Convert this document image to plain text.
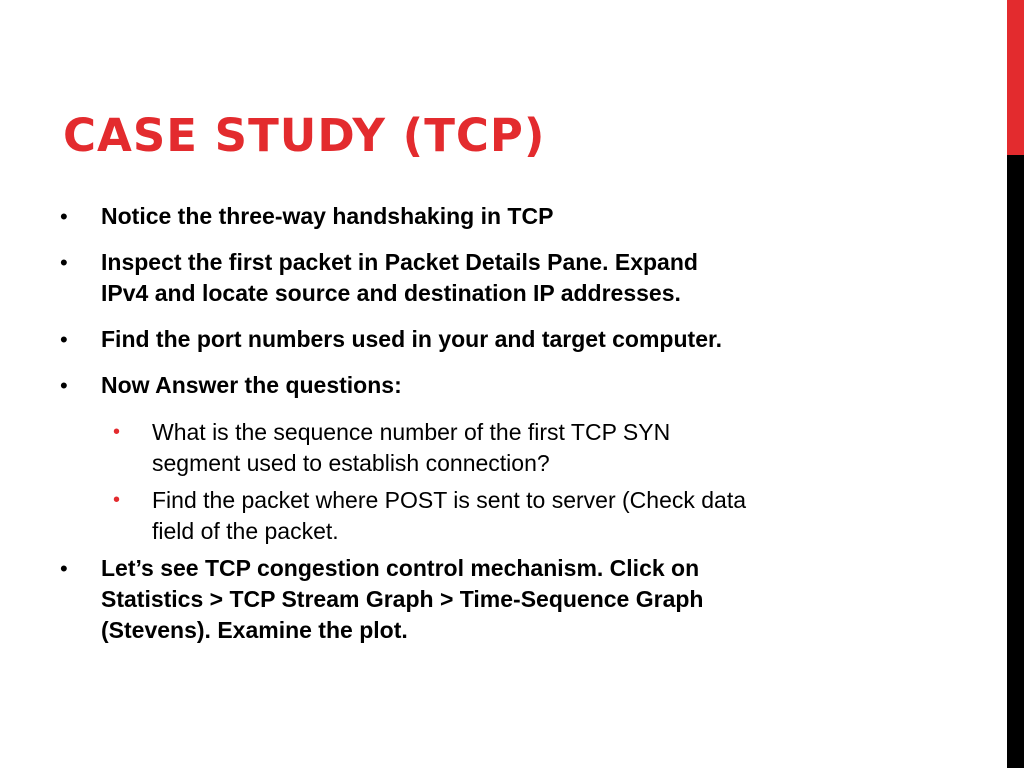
CASE STUDY (TCP)
• Notice the three-way handshaking in TCP
• Inspect the first packet in Packet Details Pane. Expand
IPv4 and locate source and destination IP addresses.
• Find the port numbers used in your and target computer.
• Now Answer the questions:
• What is the sequence number of the first TCP SYN
segment used to establish connection?
• Find the packet where POST is sent to server (Check data
field of the packet.
• Let’s see TCP congestion control mechanism. Click on
Statistics > TCP Stream Graph > Time-Sequence Graph
(Stevens). Examine the plot.
